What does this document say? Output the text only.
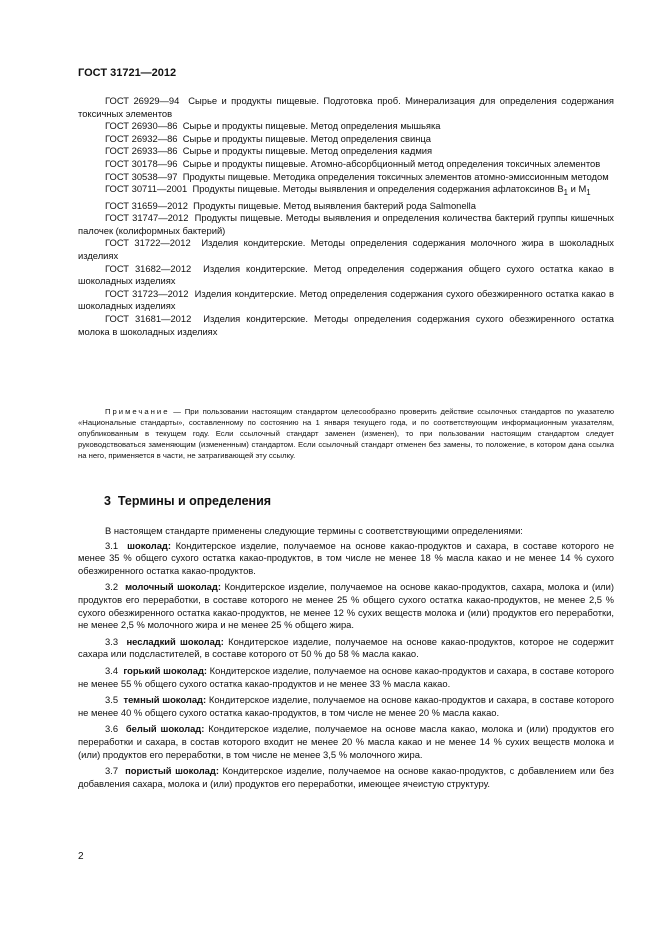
ГОСТ 31721—2012

ГОСТ 26929—94 Сырье и продукты пищевые. Подготовка проб. Минерализация для определения содержания токсичных элементов

ГОСТ 26930—86 Сырье и продукты пищевые. Метод определения мышьяка

ГОСТ 26932—86 Сырье и продукты пищевые. Метод определения свинца

ГОСТ 26933—86 Сырье и продукты пищевые. Метод определения кадмия

ГОСТ 30178—96 Сырье и продукты пищевые. Атомно-абсорбционный метод определения токсичных элементов

ГОСТ 30538—97 Продукты пищевые. Методика определения токсичных элементов атомно-эмиссионным методом

ГОСТ 30711—2001 Продукты пищевые. Методы выявления и определения содержания афлатоксинов $B_1$ и $M_1$

ГОСТ 31659—2012 Продукты пищевые. Метод выявления бактерий рода Salmonella

ГОСТ 31747—2012 Продукты пищевые. Методы выявления и определения количества бактерий группы кишечных палочек (колиформных бактерий)

ГОСТ 31722—2012 Изделия кондитерские. Методы определения содержания молочного жира в шоколадных изделиях

ГОСТ 31682—2012 Изделия кондитерские. Метод определения содержания общего сухого остатка какао в шоколадных изделиях

ГОСТ 31723—2012 Изделия кондитерские. Метод определения содержания сухого обезжиренного остатка какао в шоколадных изделиях

ГОСТ 31681—2012 Изделия кондитерские. Методы определения содержания сухого обезжиренного остатка молока в шоколадных изделиях

Примечание — При пользовании настоящим стандартом целесообразно проверить действие ссылочных стандартов по указателю «Национальные стандарты», составленному по состоянию на 1 января текущего года, и по соответствующим информационным указателям, опубликованным в текущем году. Если ссылочный стандарт заменен (изменен), то при пользовании настоящим стандартом следует руководствоваться заменяющим (измененным) стандартом. Если ссылочный стандарт отменен без замены, то положение, в котором дана ссылка на него, применяется в части, не затрагивающей эту ссылку.

3 Термины и определения

В настоящем стандарте применены следующие термины с соответствующими определениями:

3.1 шоколад: Кондитерское изделие, получаемое на основе какао-продуктов и сахара, в составе которого не менее 35 % общего сухого остатка какао-продуктов, в том числе не менее 18 % масла какао и не менее 14 % сухого обезжиренного остатка какао-продуктов.

3.2 молочный шоколад: Кондитерское изделие, получаемое на основе какао-продуктов, сахара, молока и (или) продуктов его переработки, в составе которого не менее 25 % общего сухого остатка какао-продуктов, не менее 2,5 % сухого обезжиренного остатка какао-продуктов, не менее 12 % сухих веществ молока и (или) продуктов его переработки, не менее 2,5 % молочного жира и не менее 25 % общего жира.

3.3 несладкий шоколад: Кондитерское изделие, получаемое на основе какао-продуктов, которое не содержит сахара или подсластителей, в составе которого от 50 % до 58 % масла какао.

3.4 горький шоколад: Кондитерское изделие, получаемое на основе какао-продуктов и сахара, в составе которого не менее 55 % общего сухого остатка какао-продуктов и не менее 33 % масла какао.

3.5 темный шоколад: Кондитерское изделие, получаемое на основе какао-продуктов и сахара, в составе которого не менее 40 % общего сухого остатка какао-продуктов, в том числе не менее 20 % масла какао.

3.6 белый шоколад: Кондитерское изделие, получаемое на основе масла какао, молока и (или) продуктов его переработки и сахара, в состав которого входит не менее 20 % масла какао и не менее 14 % сухих веществ молока и (или) продуктов его переработки, в том числе не менее 3,5 % молочного жира.

3.7 пористый шоколад: Кондитерское изделие, получаемое на основе какао-продуктов, с добавлением или без добавления сахара, молока и (или) продуктов его переработки, имеющее ячеистую структуру.

2
